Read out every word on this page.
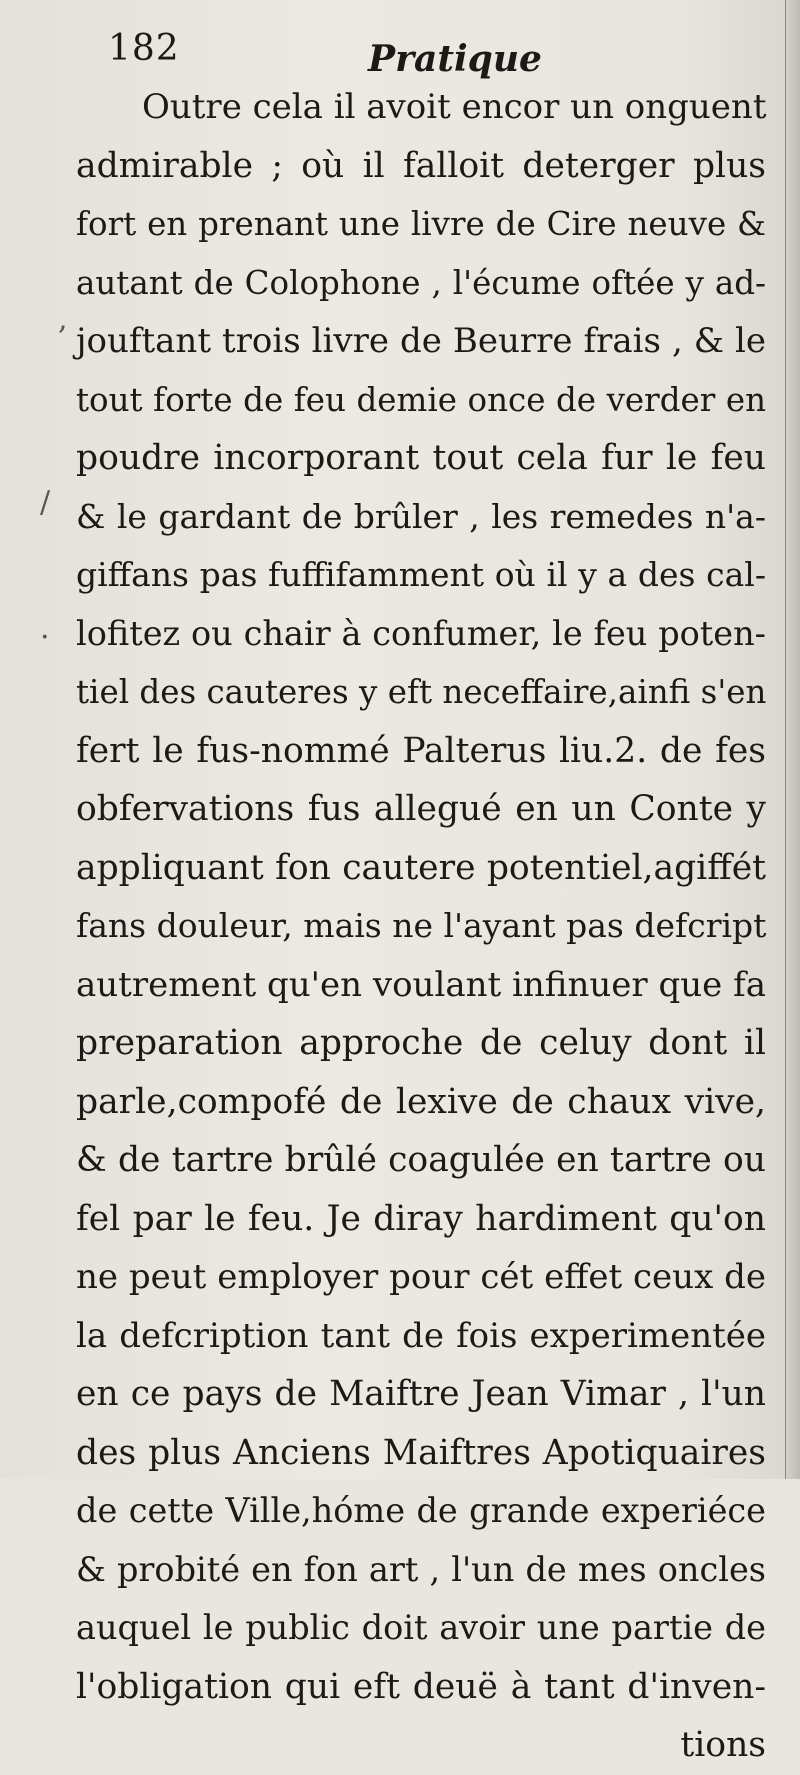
182	Pratique
,
/
·
Outre cela il avoit encor un onguent
admirable ; où il falloit deterger plus
fort en prenant une livre de Cire neuve &
autant de Colophone , l'écume oftée y ad-
jouftant trois livre de Beurre frais , & le
tout forte de feu demie once de verder en
poudre incorporant tout cela fur le feu
& le gardant de brûler , les remedes n'a-
giffans pas fuffifamment où il y a des cal-
lofitez ou chair à confumer, le feu poten-
tiel des cauteres y eft neceffaire,ainfi s'en
fert le fus-nommé Palterus liu.2. de fes
obfervations fus allegué en un Conte y
appliquant fon cautere potentiel,agiffét
fans douleur, mais ne l'ayant pas defcript
autrement qu'en voulant infinuer que fa
preparation approche de celuy dont il
parle,compofé de lexive de chaux vive,
& de tartre brûlé coagulée en tartre ou
fel par le feu. Je diray hardiment qu'on
ne peut employer pour cét effet ceux de
la defcription tant de fois experimentée
en ce pays de Maiftre Jean Vimar , l'un
des plus Anciens Maiftres Apotiquaires
de cette Ville,hóme de grande experiéce
& probité en fon art , l'un de mes oncles
auquel le public doit avoir une partie de
l'obligation qui eft deuë à tant d'inven-
tions
